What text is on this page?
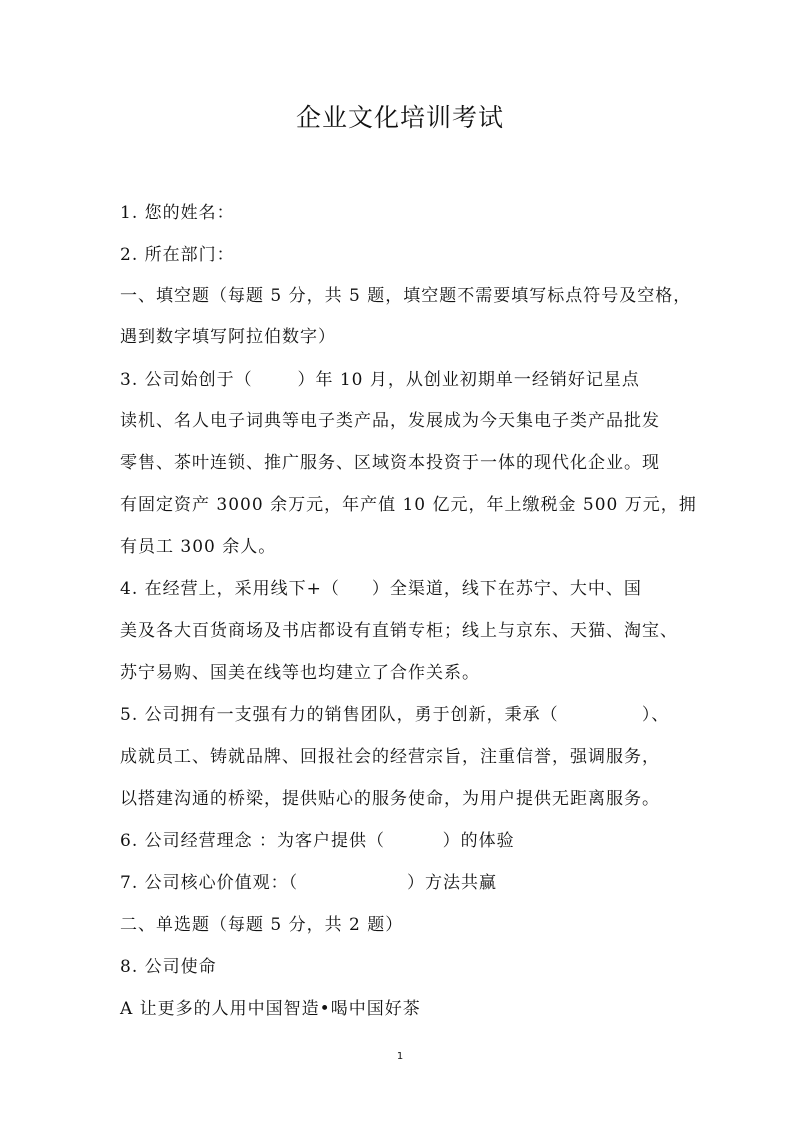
企业文化培训考试
1. 您的姓名：
2. 所在部门：
一、填空题（每题 5 分，共 5 题，填空题不需要填写标点符号及空格，
遇到数字填写阿拉伯数字）
3. 公司始创于（       ）年 10 月，从创业初期单一经销好记星点
读机、名人电子词典等电子类产品，发展成为今天集电子类产品批发
零售、茶叶连锁、推广服务、区域资本投资于一体的现代化企业。现
有固定资产 3000 余万元，年产值 10 亿元，年上缴税金 500 万元，拥
有员工 300 余人。
4. 在经营上，采用线下+（     ）全渠道，线下在苏宁、大中、国
美及各大百货商场及书店都设有直销专柜；线上与京东、天猫、淘宝、
苏宁易购、国美在线等也均建立了合作关系。
5. 公司拥有一支强有力的销售团队，勇于创新，秉承（             ）、
成就员工、铸就品牌、回报社会的经营宗旨，注重信誉，强调服务，
以搭建沟通的桥梁，提供贴心的服务使命，为用户提供无距离服务。
6. 公司经营理念 ：为客户提供（         ）的体验
7. 公司核心价值观：（                 ）方法共赢
二、单选题（每题 5 分，共 2 题）
8. 公司使命
A 让更多的人用中国智造•喝中国好茶
1
